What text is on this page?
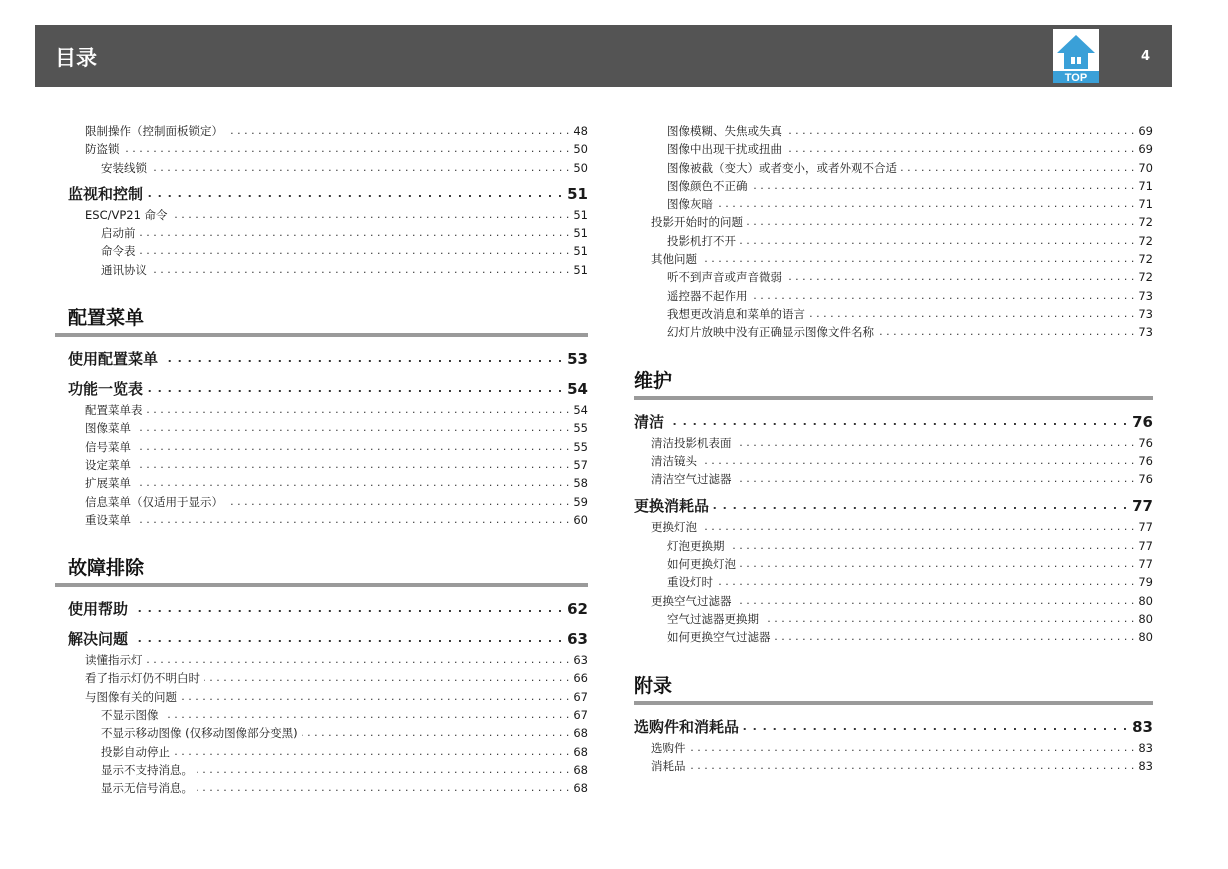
目录
TOP
4
限制操作（控制面板锁定） . . .	48
防盗锁 . . .	50
安装线锁 . . .	50
监视和控制 . . .	51
ESC/VP21 命令 . . .	51
启动前 . . .	51
命令表 . . .	51
通讯协议 . . .	51
配置菜单
使用配置菜单 . . .	53
功能一览表 . . .	54
配置菜单表 . . .	54
图像菜单 . . .	55
信号菜单 . . .	55
设定菜单 . . .	57
扩展菜单 . . .	58
信息菜单（仅适用于显示） . . .	59
重设菜单 . . .	60
故障排除
使用帮助 . . .	62
解决问题 . . .	63
读懂指示灯 . . .	63
看了指示灯仍不明白时 . . .	66
与图像有关的问题 . . .	67
不显示图像 . . .	67
不显示移动图像 (仅移动图像部分变黑) . . .	68
投影自动停止 . . .	68
显示不支持消息。 . . .	68
显示无信号消息。 . . .	68
图像模糊、失焦或失真 . . .	69
图像中出现干扰或扭曲 . . .	69
图像被截（变大）或者变小，或者外观不合适 . . .	70
图像颜色不正确 . . .	71
图像灰暗 . . .	71
投影开始时的问题 . . .	72
投影机打不开 . . .	72
其他问题 . . .	72
听不到声音或声音微弱 . . .	72
遥控器不起作用 . . .	73
我想更改消息和菜单的语言 . . .	73
幻灯片放映中没有正确显示图像文件名称 . . .	73
维护
清洁 . . .	76
清洁投影机表面 . . .	76
清洁镜头 . . .	76
清洁空气过滤器 . . .	76
更换消耗品 . . .	77
更换灯泡 . . .	77
灯泡更换期 . . .	77
如何更换灯泡 . . .	77
重设灯时 . . .	79
更换空气过滤器 . . .	80
空气过滤器更换期 . . .	80
如何更换空气过滤器 . . .	80
附录
选购件和消耗品 . . .	83
选购件 . . .	83
消耗品 . . .	83
